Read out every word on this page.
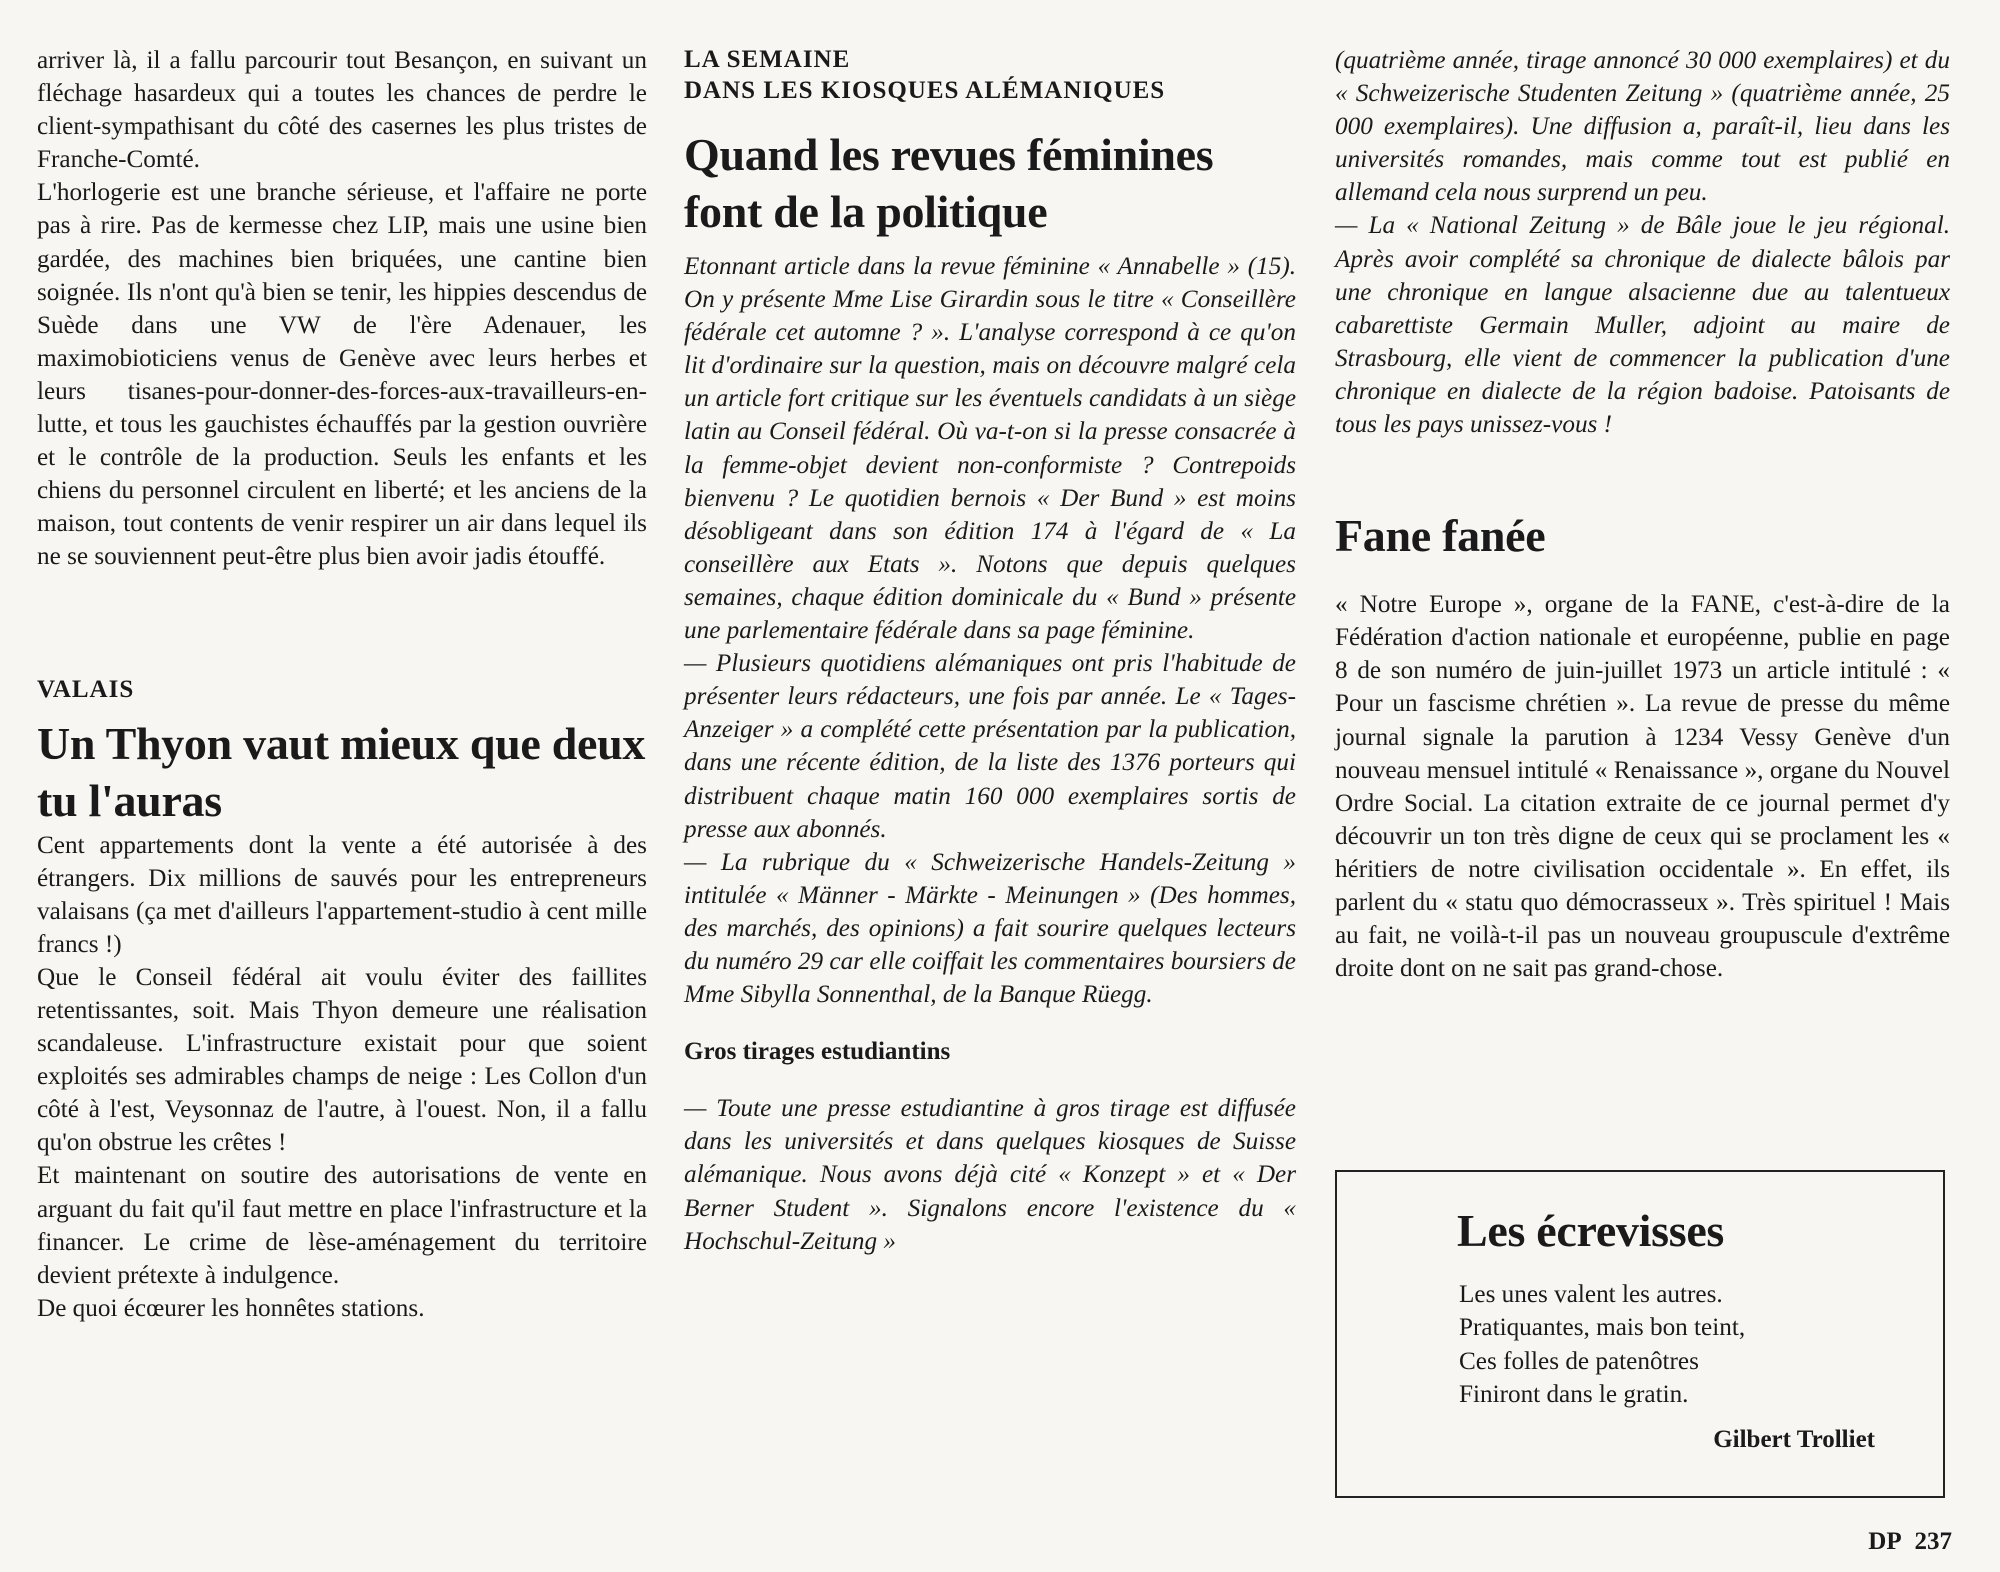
arriver là, il a fallu parcourir tout Besançon, en suivant un fléchage hasardeux qui a toutes les chances de perdre le client-sympathisant du côté des casernes les plus tristes de Franche-Comté.

L'horlogerie est une branche sérieuse, et l'affaire ne porte pas à rire. Pas de kermesse chez LIP, mais une usine bien gardée, des machines bien briquées, une cantine bien soignée. Ils n'ont qu'à bien se tenir, les hippies descendus de Suède dans une VW de l'ère Adenauer, les maximobioticiens venus de Genève avec leurs herbes et leurs tisanes-pour-donner-des-forces-aux-travailleurs-en-lutte, et tous les gauchistes échauffés par la gestion ouvrière et le contrôle de la production. Seuls les enfants et les chiens du personnel circulent en liberté; et les anciens de la maison, tout contents de venir respirer un air dans lequel ils ne se souviennent peut-être plus bien avoir jadis étouffé.

VALAIS

Un Thyon vaut mieux que deux tu l'auras

Cent appartements dont la vente a été autorisée à des étrangers. Dix millions de sauvés pour les entrepreneurs valaisans (ça met d'ailleurs l'appartement-studio à cent mille francs !)

Que le Conseil fédéral ait voulu éviter des faillites retentissantes, soit. Mais Thyon demeure une réalisation scandaleuse. L'infrastructure existait pour que soient exploités ses admirables champs de neige : Les Collon d'un côté à l'est, Veysonnaz de l'autre, à l'ouest. Non, il a fallu qu'on obstrue les crêtes !

Et maintenant on soutire des autorisations de vente en arguant du fait qu'il faut mettre en place l'infrastructure et la financer. Le crime de lèse-aménagement du territoire devient prétexte à indulgence.

De quoi écœurer les honnêtes stations.

LA SEMAINE

DANS LES KIOSQUES ALÉMANIQUES

Quand les revues féminines font de la politique

Etonnant article dans la revue féminine « Annabelle » (15). On y présente Mme Lise Girardin sous le titre « Conseillère fédérale cet automne ? ». L'analyse correspond à ce qu'on lit d'ordinaire sur la question, mais on découvre malgré cela un article fort critique sur les éventuels candidats à un siège latin au Conseil fédéral. Où va-t-on si la presse consacrée à la femme-objet devient non-conformiste ? Contrepoids bienvenu ? Le quotidien bernois « Der Bund » est moins désobligeant dans son édition 174 à l'égard de « La conseillère aux Etats ». Notons que depuis quelques semaines, chaque édition dominicale du « Bund » présente une parlementaire fédérale dans sa page féminine.

— Plusieurs quotidiens alémaniques ont pris l'habitude de présenter leurs rédacteurs, une fois par année. Le « Tages-Anzeiger » a complété cette présentation par la publication, dans une récente édition, de la liste des 1376 porteurs qui distribuent chaque matin 160 000 exemplaires sortis de presse aux abonnés.

— La rubrique du « Schweizerische Handels-Zeitung » intitulée « Männer - Märkte - Meinungen » (Des hommes, des marchés, des opinions) a fait sourire quelques lecteurs du numéro 29 car elle coiffait les commentaires boursiers de Mme Sibylla Sonnenthal, de la Banque Rüegg.

Gros tirages estudiantins

— Toute une presse estudiantine à gros tirage est diffusée dans les universités et dans quelques kiosques de Suisse alémanique. Nous avons déjà cité « Konzept » et « Der Berner Student ». Signalons encore l'existence du « Hochschul-Zeitung »

(quatrième année, tirage annoncé 30 000 exemplaires) et du « Schweizerische Studenten Zeitung » (quatrième année, 25 000 exemplaires). Une diffusion a, paraît-il, lieu dans les universités romandes, mais comme tout est publié en allemand cela nous surprend un peu.

— La « National Zeitung » de Bâle joue le jeu régional. Après avoir complété sa chronique de dialecte bâlois par une chronique en langue alsacienne due au talentueux cabarettiste Germain Muller, adjoint au maire de Strasbourg, elle vient de commencer la publication d'une chronique en dialecte de la région badoise. Patoisants de tous les pays unissez-vous !

Fane fanée

« Notre Europe », organe de la FANE, c'est-à-dire de la Fédération d'action nationale et européenne, publie en page 8 de son numéro de juin-juillet 1973 un article intitulé : « Pour un fascisme chrétien ». La revue de presse du même journal signale la parution à 1234 Vessy Genève d'un nouveau mensuel intitulé « Renaissance », organe du Nouvel Ordre Social. La citation extraite de ce journal permet d'y découvrir un ton très digne de ceux qui se proclament les « héritiers de notre civilisation occidentale ». En effet, ils parlent du « statu quo démocrasseux ». Très spirituel ! Mais au fait, ne voilà-t-il pas un nouveau groupuscule d'extrême droite dont on ne sait pas grand-chose.

Les écrevisses
Les unes valent les autres.
Pratiquantes, mais bon teint,
Ces folles de patenôtres
Finiront dans le gratin.
Gilbert Trolliet
DP 237
